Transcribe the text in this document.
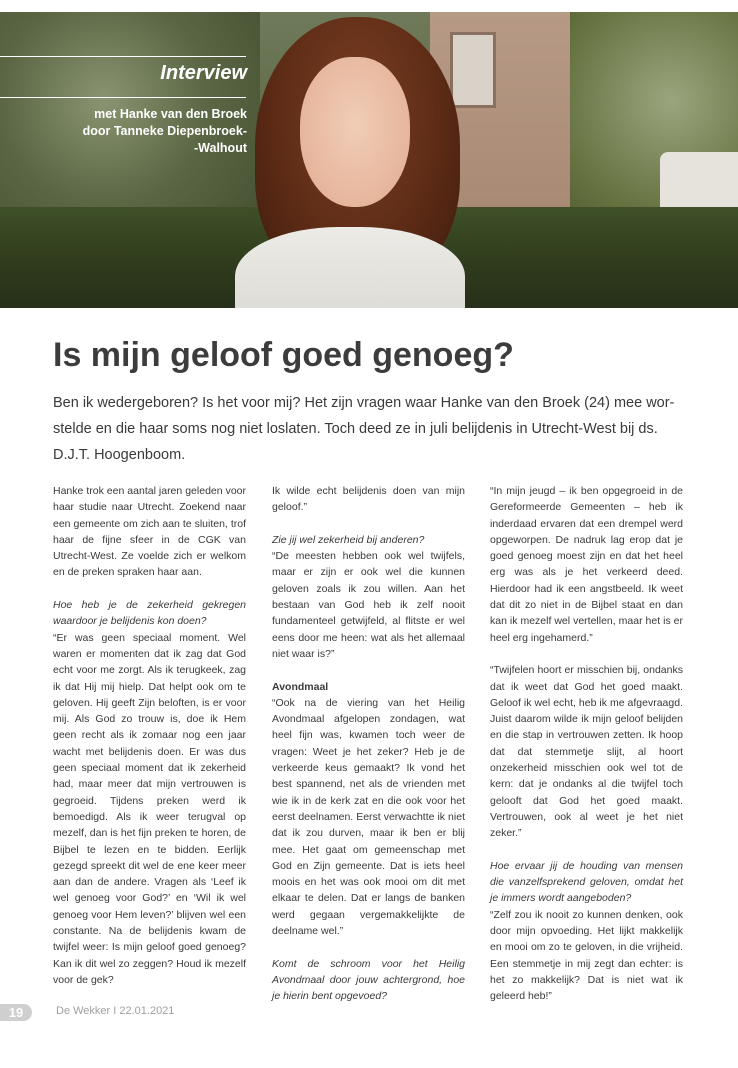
Interview
met Hanke van den Broek
door Tanneke Diepenbroek-
-Walhout
Is mijn geloof goed genoeg?

Ben ik wedergeboren? Is het voor mij? Het zijn vragen waar Hanke van den Broek (24) mee wor-
stelde en die haar soms nog niet loslaten. Toch deed ze in juli belijdenis in Utrecht-West bij ds.
D.J.T. Hoogenboom.

Hanke trok een aantal jaren geleden voor haar studie naar Utrecht. Zoekend naar een gemeente om zich aan te sluiten, trof haar de fijne sfeer in de CGK van Utrecht-West. Ze voelde zich er welkom en de preken spraken haar aan.

Hoe heb je de zekerheid gekregen waardoor je belijdenis kon doen?

“Er was geen speciaal moment. Wel waren er momenten dat ik zag dat God echt voor me zorgt. Als ik terugkeek, zag ik dat Hij mij hielp. Dat helpt ook om te geloven. Hij geeft Zijn beloften, is er voor mij. Als God zo trouw is, doe ik Hem geen recht als ik zomaar nog een jaar wacht met belijdenis doen. Er was dus geen speciaal moment dat ik zekerheid had, maar meer dat mijn vertrouwen is gegroeid. Tijdens preken werd ik bemoedigd. Als ik weer terugval op mezelf, dan is het fijn preken te horen, de Bijbel te lezen en te bidden. Eerlijk gezegd spreekt dit wel de ene keer meer aan dan de andere. Vragen als ‘Leef ik wel genoeg voor God?’ en ‘Wil ik wel genoeg voor Hem leven?’ blijven wel een constante. Na de belijdenis kwam de twijfel weer: Is mijn geloof goed genoeg? Kan ik dit wel zo zeggen? Houd ik mezelf voor de gek?

Ik wilde echt belijdenis doen van mijn geloof.”

Zie jij wel zekerheid bij anderen?

“De meesten hebben ook wel twijfels, maar er zijn er ook wel die kunnen geloven zoals ik zou willen. Aan het bestaan van God heb ik zelf nooit fundamenteel getwijfeld, al flitste er wel eens door me heen: wat als het allemaal niet waar is?”

Avondmaal

“Ook na de viering van het Heilig Avondmaal afgelopen zondagen, wat heel fijn was, kwamen toch weer de vragen: Weet je het zeker? Heb je de verkeerde keus gemaakt? Ik vond het best spannend, net als de vrienden met wie ik in de kerk zat en die ook voor het eerst deelnamen. Eerst verwachtte ik niet dat ik zou durven, maar ik ben er blij mee. Het gaat om gemeenschap met God en Zijn gemeente. Dat is iets heel moois en het was ook mooi om dit met elkaar te delen. Dat er langs de banken werd gegaan vergemakkelijkte de deelname wel.”

Komt de schroom voor het Heilig Avondmaal door jouw achtergrond, hoe je hierin bent opgevoed?

“In mijn jeugd – ik ben opgegroeid in de Gereformeerde Gemeenten – heb ik inderdaad ervaren dat een drempel werd opgeworpen. De nadruk lag erop dat je goed genoeg moest zijn en dat het heel erg was als je het verkeerd deed. Hierdoor had ik een angstbeeld. Ik weet dat dit zo niet in de Bijbel staat en dan kan ik mezelf wel vertellen, maar het is er heel erg ingehamerd.”

“Twijfelen hoort er misschien bij, ondanks dat ik weet dat God het goed maakt. Geloof ik wel echt, heb ik me afgevraagd. Juist daarom wilde ik mijn geloof belijden en die stap in vertrouwen zetten. Ik hoop dat dat stemmetje slijt, al hoort onzekerheid misschien ook wel tot de kern: dat je ondanks al die twijfel toch gelooft dat God het goed maakt. Vertrouwen, ook al weet je het niet zeker.”

Hoe ervaar jij de houding van mensen die vanzelfsprekend geloven, omdat het je immers wordt aangeboden?

“Zelf zou ik nooit zo kunnen denken, ook door mijn opvoeding. Het lijkt makkelijk en mooi om zo te geloven, in die vrijheid. Een stemmetje in mij zegt dan echter: is het zo makkelijk? Dat is niet wat ik geleerd heb!”

19	De Wekker I 22.01.2021
